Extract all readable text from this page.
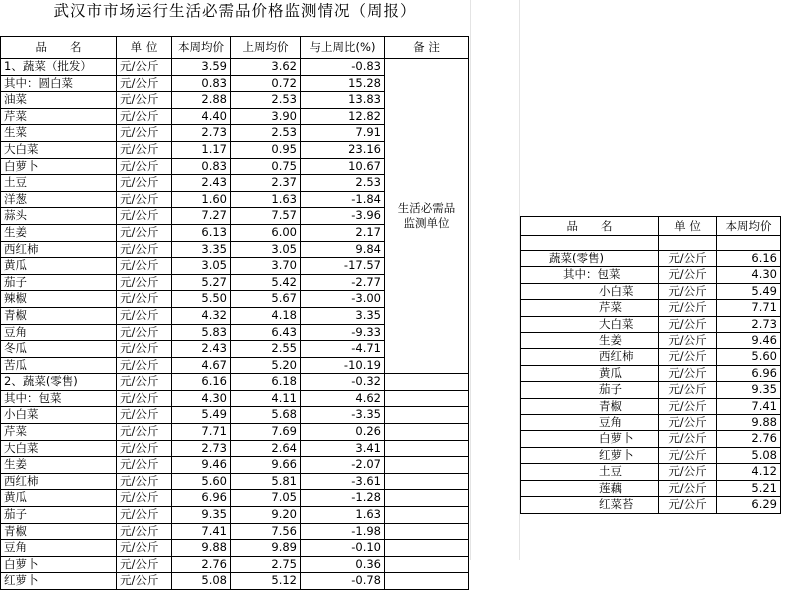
武汉市市场运行生活必需品价格监测情况（周报）
品　　名	单 位	本周均价	上周均价	与上周比(%)	备 注
1、蔬菜（批发）	元/公斤	3.59	3.62	-0.83	生活必需品监测单位
其中：圆白菜	元/公斤	0.83	0.72	15.28	
油菜	元/公斤	2.88	2.53	13.83	
芹菜	元/公斤	4.40	3.90	12.82	
生菜	元/公斤	2.73	2.53	7.91	
大白菜	元/公斤	1.17	0.95	23.16	
白萝卜	元/公斤	0.83	0.75	10.67	
土豆	元/公斤	2.43	2.37	2.53	
洋葱	元/公斤	1.60	1.63	-1.84	
蒜头	元/公斤	7.27	7.57	-3.96	
生姜	元/公斤	6.13	6.00	2.17	
西红柿	元/公斤	3.35	3.05	9.84	
黄瓜	元/公斤	3.05	3.70	-17.57	
茄子	元/公斤	5.27	5.42	-2.77	
辣椒	元/公斤	5.50	5.67	-3.00	
青椒	元/公斤	4.32	4.18	3.35	
豆角	元/公斤	5.83	6.43	-9.33	
冬瓜	元/公斤	2.43	2.55	-4.71	
苦瓜	元/公斤	4.67	5.20	-10.19	
2、蔬菜(零售)	元/公斤	6.16	6.18	-0.32	
其中：包菜	元/公斤	4.30	4.11	4.62	
小白菜	元/公斤	5.49	5.68	-3.35	
芹菜	元/公斤	7.71	7.69	0.26	
大白菜	元/公斤	2.73	2.64	3.41	
生姜	元/公斤	9.46	9.66	-2.07	
西红柿	元/公斤	5.60	5.81	-3.61	
黄瓜	元/公斤	6.96	7.05	-1.28	
茄子	元/公斤	9.35	9.20	1.63	
青椒	元/公斤	7.41	7.56	-1.98	
豆角	元/公斤	9.88	9.89	-0.10	
白萝卜	元/公斤	2.76	2.75	0.36	
红萝卜	元/公斤	5.08	5.12	-0.78	
品　　名	单 位	本周均价

蔬菜(零售)	元/公斤	6.16
其中：包菜	元/公斤	4.30
小白菜	元/公斤	5.49
芹菜	元/公斤	7.71
大白菜	元/公斤	2.73
生姜	元/公斤	9.46
西红柿	元/公斤	5.60
黄瓜	元/公斤	6.96
茄子	元/公斤	9.35
青椒	元/公斤	7.41
豆角	元/公斤	9.88
白萝卜	元/公斤	2.76
红萝卜	元/公斤	5.08
土豆	元/公斤	4.12
莲藕	元/公斤	5.21
红菜苔	元/公斤	6.29
